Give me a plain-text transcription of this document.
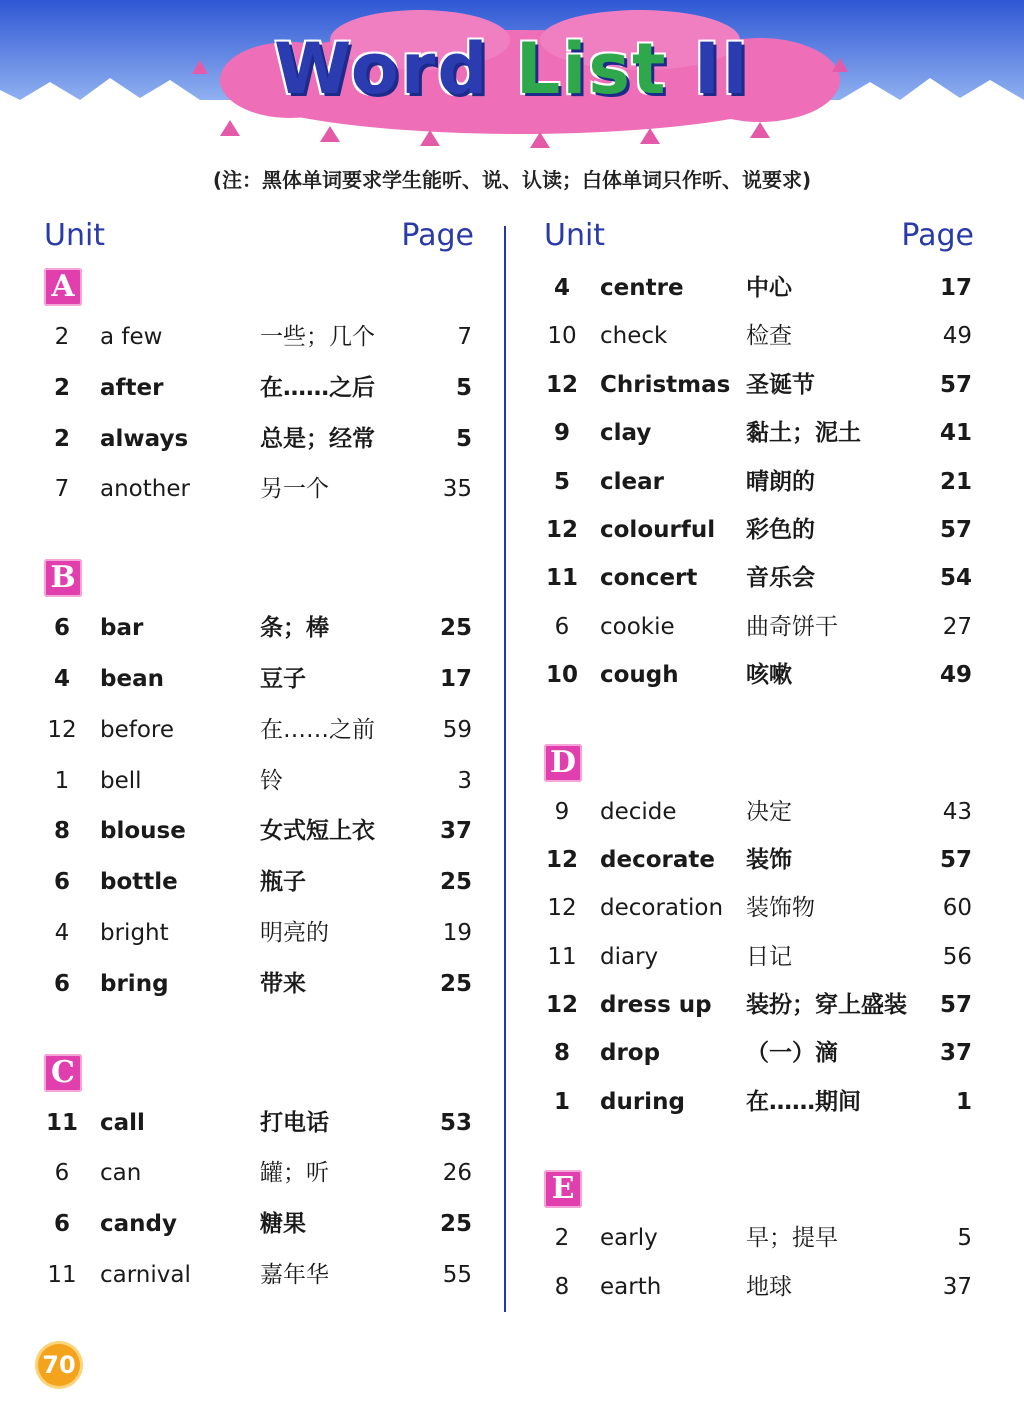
Word List II
(注：黑体单词要求学生能听、说、认读；白体单词只作听、说要求)
Unit	Page
A
2	a few	一些；几个	7
2	after	在……之后	5
2	always	总是；经常	5
7	another	另一个	35
B
6	bar	条；棒	25
4	bean	豆子	17
12 before	在……之前	59
1	bell	铃	3
8	blouse	女式短上衣	37
6	bottle	瓶子	25
4	bright	明亮的	19
6	bring	带来	25
C
11 call	打电话	53
6	can	罐；听	26
6	candy	糖果	25
11 carnival	嘉年华	55
Unit	Page
4	centre	中心	17
10 check	检查	49
12 Christmas 圣诞节	57
9	clay	黏土；泥土	41
5	clear	晴朗的	21
12 colourful 彩色的	57
11 concert 音乐会	54
6	cookie	曲奇饼干	27
10 cough	咳嗽	49
D
9	decide	决定	43
12 decorate 装饰	57
12 decoration 装饰物	60
11 diary	日记	56
12 dress up 装扮；穿上盛装 57
8	drop	（一）滴	37
1	during	在……期间	1
E
2	early	早；提早	5
8	earth	地球	37
70
